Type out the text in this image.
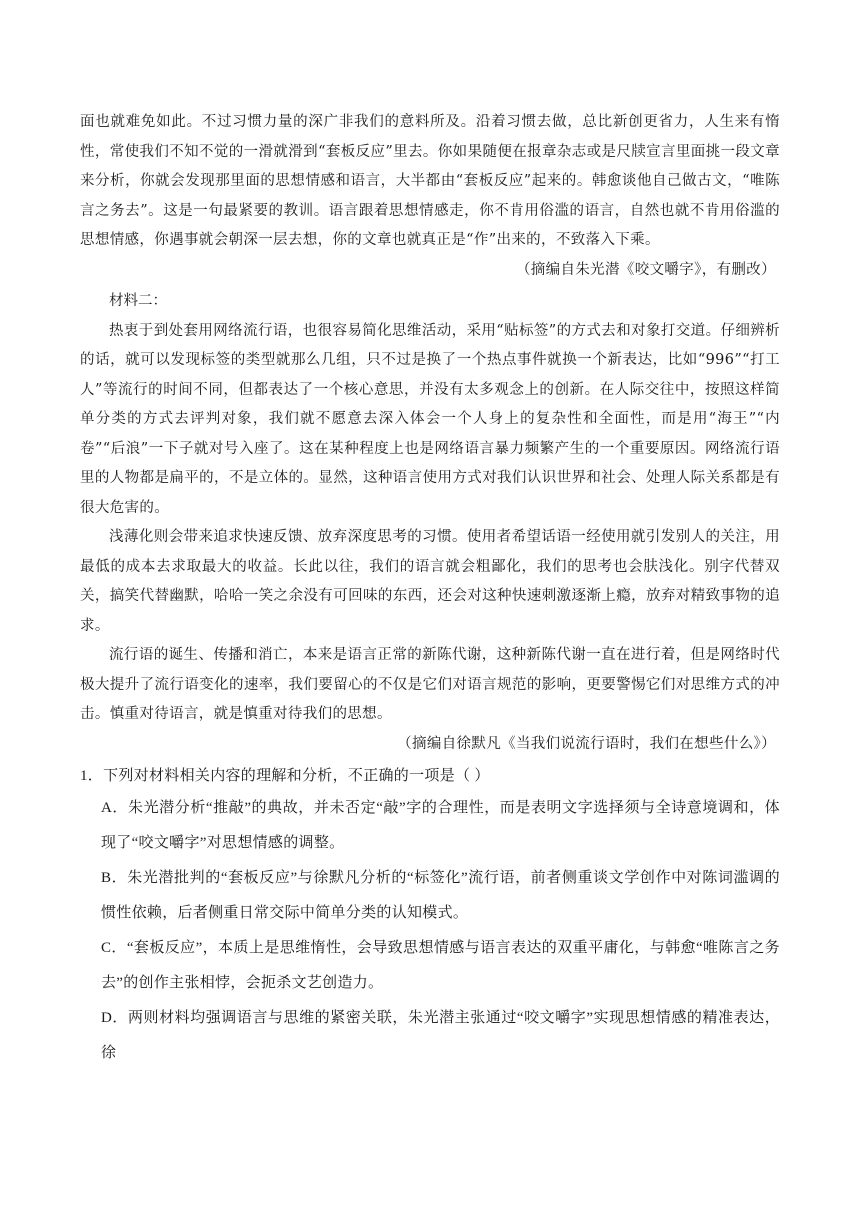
面也就难免如此。不过习惯力量的深广非我们的意料所及。沿着习惯去做，总比新创更省力，人生来有惰性，常使我们不知不觉的一滑就滑到“套板反应”里去。你如果随便在报章杂志或是尺牍宣言里面挑一段文章来分析，你就会发现那里面的思想情感和语言，大半都由“套板反应”起来的。韩愈谈他自己做古文，“唯陈言之务去”。这是一句最紧要的教训。语言跟着思想情感走，你不肯用俗滥的语言，自然也就不肯用俗滥的思想情感，你遇事就会朝深一层去想，你的文章也就真正是“作”出来的，不致落入下乘。

（摘编自朱光潜《咬文嚼字》，有删改）

材料二：

热衷于到处套用网络流行语，也很容易简化思维活动，采用“贴标签”的方式去和对象打交道。仔细辨析的话，就可以发现标签的类型就那么几组，只不过是换了一个热点事件就换一个新表达，比如“996”“打工人”等流行的时间不同，但都表达了一个核心意思，并没有太多观念上的创新。在人际交往中，按照这样简单分类的方式去评判对象，我们就不愿意去深入体会一个人身上的复杂性和全面性，而是用“海王”“内卷”“后浪”一下子就对号入座了。这在某种程度上也是网络语言暴力频繁产生的一个重要原因。网络流行语里的人物都是扁平的，不是立体的。显然，这种语言使用方式对我们认识世界和社会、处理人际关系都是有很大危害的。

浅薄化则会带来追求快速反馈、放弃深度思考的习惯。使用者希望话语一经使用就引发别人的关注，用最低的成本去求取最大的收益。长此以往，我们的语言就会粗鄙化，我们的思考也会肤浅化。别字代替双关，搞笑代替幽默，哈哈一笑之余没有可回味的东西，还会对这种快速刺激逐渐上瘾，放弃对精致事物的追求。

流行语的诞生、传播和消亡，本来是语言正常的新陈代谢，这种新陈代谢一直在进行着，但是网络时代极大提升了流行语变化的速率，我们要留心的不仅是它们对语言规范的影响，更要警惕它们对思维方式的冲击。慎重对待语言，就是慎重对待我们的思想。

（摘编自徐默凡《当我们说流行语时，我们在想些什么》）

1．下列对材料相关内容的理解和分析，不正确的一项是（ ）

A．朱光潜分析“推敲”的典故，并未否定“敲”字的合理性，而是表明文字选择须与全诗意境调和，体现了“咬文嚼字”对思想情感的调整。

B．朱光潜批判的“套板反应”与徐默凡分析的“标签化”流行语，前者侧重谈文学创作中对陈词滥调的惯性依赖，后者侧重日常交际中简单分类的认知模式。

C．“套板反应”，本质上是思维惰性，会导致思想情感与语言表达的双重平庸化，与韩愈“唯陈言之务去”的创作主张相悖，会扼杀文艺创造力。

D．两则材料均强调语言与思维的紧密关联，朱光潜主张通过“咬文嚼字”实现思想情感的精准表达，徐
